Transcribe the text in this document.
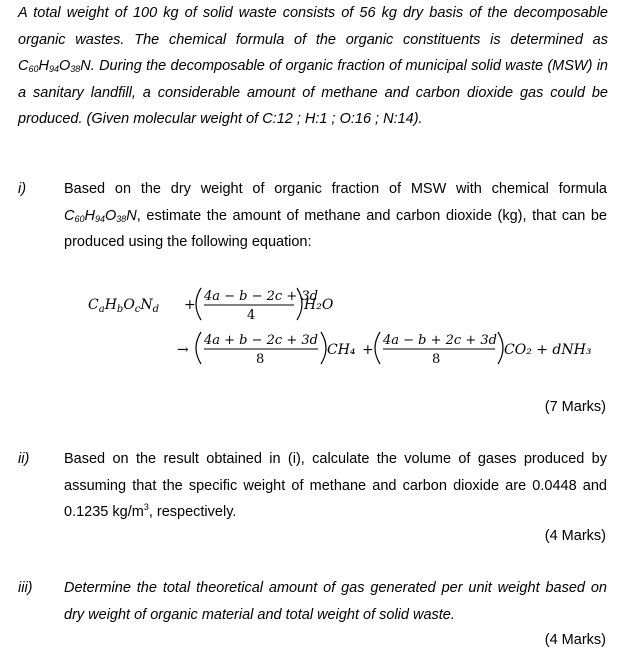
A total weight of 100 kg of solid waste consists of 56 kg dry basis of the decomposable organic wastes. The chemical formula of the organic constituents is determined as $C_{60}H_{94}O_{38}N$. During the decomposable of organic fraction of municipal solid waste (MSW) in a sanitary landfill, a considerable amount of methane and carbon dioxide gas could be produced. (Given molecular weight of C:12 ; H:1 ; O:16 ; N:14).
i)	Based on the dry weight of organic fraction of MSW with chemical formula $C_{60}H_{94}O_{38}N$, estimate the amount of methane and carbon dioxide (kg), that can be produced using the following equation:
$C_aH_bO_cN_d$ +
4a − b − 2c + 3d
4
H₂O
→
4a + b − 2c + 3d
8
CH₄ +
4a − b + 2c + 3d
8
CO₂ + dNH₃
(7 Marks)
ii) Based on the result obtained in (i), calculate the volume of gases produced by assuming that the specific weight of methane and carbon dioxide are 0.0448 and 0.1235 $kg/m^3$, respectively.
(4 Marks)
iii) Determine the total theoretical amount of gas generated per unit weight based on dry weight of organic material and total weight of solid waste.
(4 Marks)
